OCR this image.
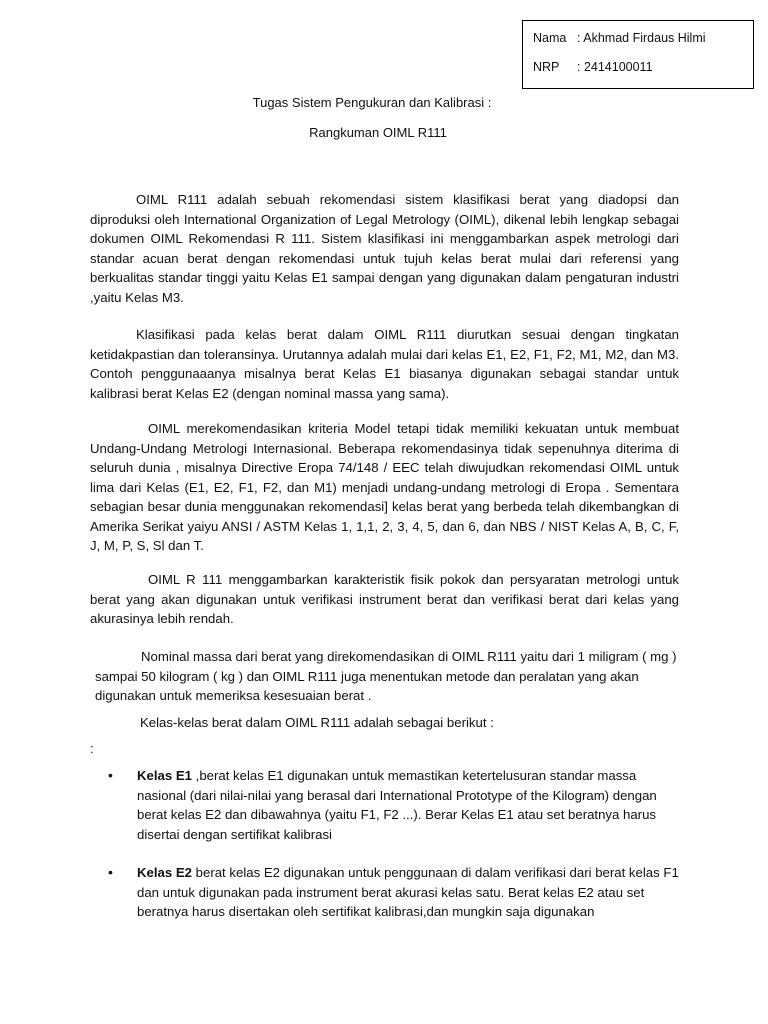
Nama : Akhmad Firdaus Hilmi
NRP : 2414100011
Tugas Sistem Pengukuran dan Kalibrasi :
Rangkuman OIML R111

OIML R111 adalah sebuah rekomendasi sistem klasifikasi berat yang diadopsi dan diproduksi oleh International Organization of Legal Metrology (OIML), dikenal lebih lengkap sebagai dokumen OIML Rekomendasi R 111. Sistem klasifikasi ini menggambarkan aspek metrologi dari standar acuan berat dengan rekomendasi untuk tujuh kelas berat mulai dari referensi yang berkualitas standar tinggi yaitu Kelas E1 sampai dengan yang digunakan dalam pengaturan industri ,yaitu Kelas M3.

Klasifikasi pada kelas berat dalam OIML R111 diurutkan sesuai dengan tingkatan ketidakpastian dan toleransinya. Urutannya adalah mulai dari kelas E1, E2, F1, F2, M1, M2, dan M3. Contoh penggunaaanya misalnya berat Kelas E1 biasanya digunakan sebagai standar untuk kalibrasi berat Kelas E2 (dengan nominal massa yang sama).

OIML merekomendasikan kriteria Model tetapi tidak memiliki kekuatan untuk membuat Undang-Undang Metrologi Internasional. Beberapa rekomendasinya tidak sepenuhnya diterima di seluruh dunia , misalnya Directive Eropa 74/148 / EEC telah diwujudkan rekomendasi OIML untuk lima dari Kelas (E1, E2, F1, F2, dan M1) menjadi undang-undang metrologi di Eropa . Sementara sebagian besar dunia menggunakan rekomendasi] kelas berat yang berbeda telah dikembangkan di Amerika Serikat yaiyu ANSI / ASTM Kelas 1, 1,1, 2, 3, 4, 5, dan 6, dan NBS / NIST Kelas A, B, C, F, J, M, P, S, Sl dan T.

OIML R 111 menggambarkan karakteristik fisik pokok dan persyaratan metrologi untuk berat yang akan digunakan untuk verifikasi instrument berat dan verifikasi berat dari kelas yang akurasinya lebih rendah.

Nominal massa dari berat yang direkomendasikan di OIML R111 yaitu dari 1 miligram ( mg ) sampai 50 kilogram ( kg ) dan OIML R111 juga menentukan metode dan peralatan yang akan digunakan untuk memeriksa kesesuaian berat .

Kelas-kelas berat dalam OIML R111 adalah sebagai berikut :

:
• Kelas E1 ,berat kelas E1 digunakan untuk memastikan ketertelusuran standar massa nasional (dari nilai-nilai yang berasal dari International Prototype of the Kilogram) dengan berat kelas E2 dan dibawahnya (yaitu F1, F2 ...). Berar Kelas E1 atau set beratnya harus disertai dengan sertifikat kalibrasi
• Kelas E2 berat kelas E2 digunakan untuk penggunaan di dalam verifikasi dari berat kelas F1 dan untuk digunakan pada instrument berat akurasi kelas satu. Berat kelas E2 atau set beratnya harus disertakan oleh sertifikat kalibrasi,dan mungkin saja digunakan
